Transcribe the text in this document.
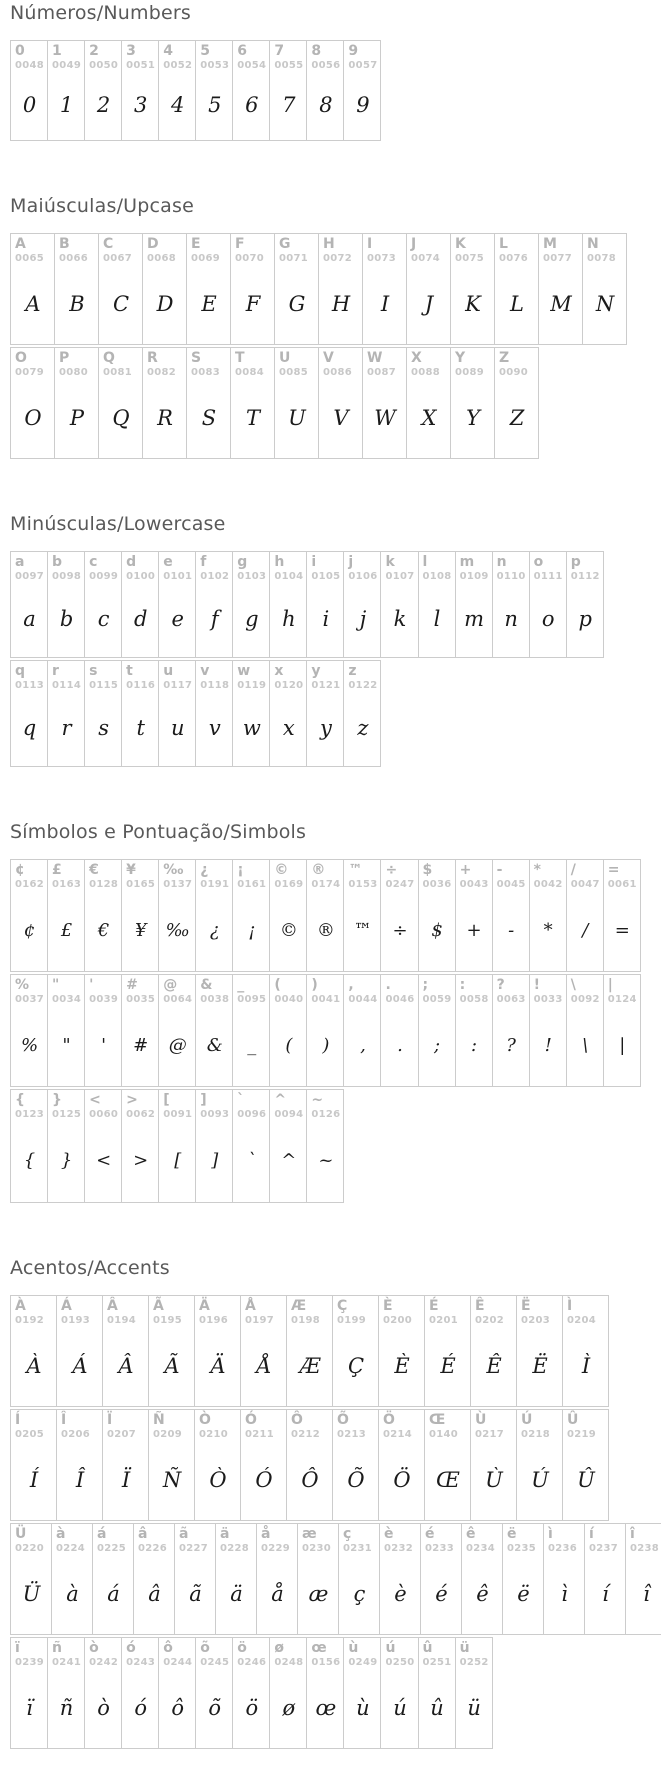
Números/Numbers
0
0048
0
1
0049
1
2
0050
2
3
0051
3
4
0052
4
5
0053
5
6
0054
6
7
0055
7
8
0056
8
9
0057
9
Maiúsculas/Upcase
A
0065
A
B
0066
B
C
0067
C
D
0068
D
E
0069
E
F
0070
F
G
0071
G
H
0072
H
I
0073
I
J
0074
J
K
0075
K
L
0076
L
M
0077
M
N
0078
N
O
0079
O
P
0080
P
Q
0081
Q
R
0082
R
S
0083
S
T
0084
T
U
0085
U
V
0086
V
W
0087
W
X
0088
X
Y
0089
Y
Z
0090
Z
Minúsculas/Lowercase
a
0097
a
b
0098
b
c
0099
c
d
0100
d
e
0101
e
f
0102
f
g
0103
g
h
0104
h
i
0105
i
j
0106
j
k
0107
k
l
0108
l
m
0109
m
n
0110
n
o
0111
o
p
0112
p
q
0113
q
r
0114
r
s
0115
s
t
0116
t
u
0117
u
v
0118
v
w
0119
w
x
0120
x
y
0121
y
z
0122
z
Símbolos e Pontuação/Simbols
¢
0162
¢
£
0163
£
€
0128
€
¥
0165
¥
‰
0137
‰
¿
0191
¿
¡
0161
¡
©
0169
©
®
0174
®
™
0153
™
÷
0247
÷
$
0036
$
+
0043
+
-
0045
-
*
0042
*
/
0047
/
=
0061
=
%
0037
%
"
0034
"
'
0039
'
#
0035
#
@
0064
@
&
0038
&
_
0095
_
(
0040
(
)
0041
)
,
0044
,
.
0046
.
;
0059
;
:
0058
:
?
0063
?
!
0033
!
\
0092
\
|
0124
|
{
0123
{
}
0125
}
<
0060
<
>
0062
>
[
0091
[
]
0093
]
`
0096
`
^
0094
^
~
0126
~
Acentos/Accents
À
0192
À
Á
0193
Á
Â
0194
Â
Ã
0195
Ã
Ä
0196
Ä
Å
0197
Å
Æ
0198
Æ
Ç
0199
Ç
È
0200
È
É
0201
É
Ê
0202
Ê
Ë
0203
Ë
Ì
0204
Ì
Í
0205
Í
Î
0206
Î
Ï
0207
Ï
Ñ
0209
Ñ
Ò
0210
Ò
Ó
0211
Ó
Ô
0212
Ô
Õ
0213
Õ
Ö
0214
Ö
Œ
0140
Œ
Ù
0217
Ù
Ú
0218
Ú
Û
0219
Û
Ü
0220
Ü
à
0224
à
á
0225
á
â
0226
â
ã
0227
ã
ä
0228
ä
å
0229
å
æ
0230
æ
ç
0231
ç
è
0232
è
é
0233
é
ê
0234
ê
ë
0235
ë
ì
0236
ì
í
0237
í
î
0238
î
ï
0239
ï
ñ
0241
ñ
ò
0242
ò
ó
0243
ó
ô
0244
ô
õ
0245
õ
ö
0246
ö
ø
0248
ø
œ
0156
œ
ù
0249
ù
ú
0250
ú
û
0251
û
ü
0252
ü
